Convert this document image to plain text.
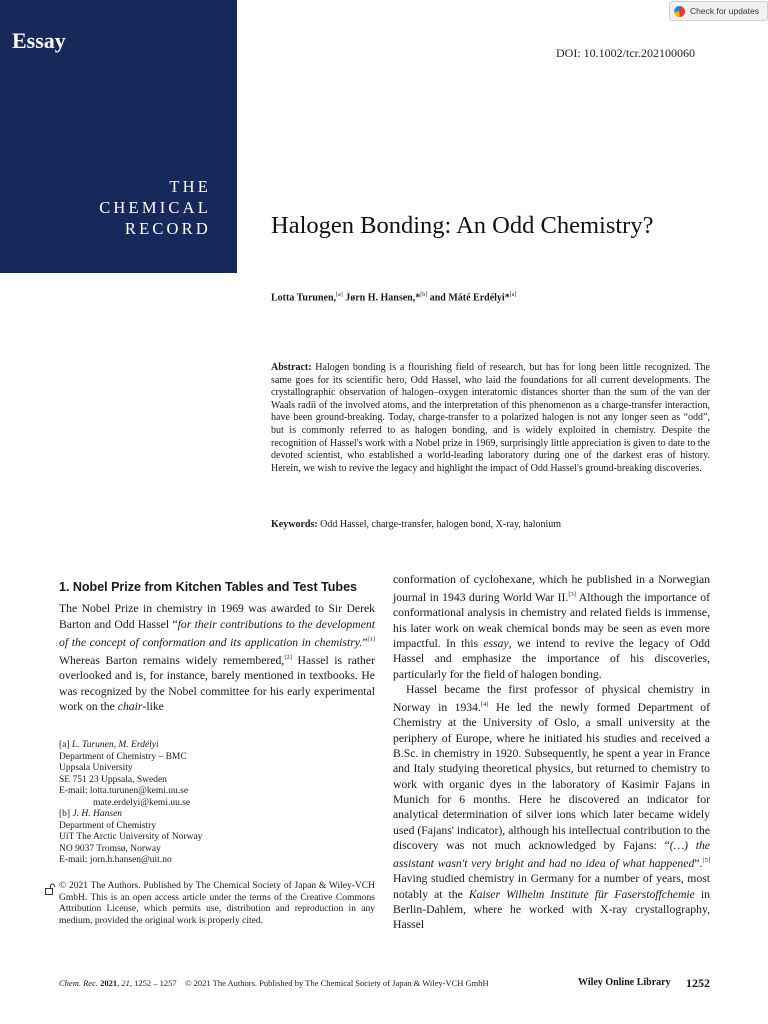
Essay
THE
CHEMICAL
RECORD
Check for updates
DOI: 10.1002/tcr.202100060
Halogen Bonding: An Odd Chemistry?
Lotta Turunen,[a] Jørn H. Hansen,*[b] and Máté Erdélyi*[a]
Abstract: Halogen bonding is a flourishing field of research, but has for long been little recognized. The same goes for its scientific hero, Odd Hassel, who laid the foundations for all current developments. The crystallographic observation of halogen–oxygen interatomic distances shorter than the sum of the van der Waals radii of the involved atoms, and the interpretation of this phenomenon as a charge-transfer interaction, have been ground-breaking. Today, charge-transfer to a polarized halogen is not any longer seen as “odd”, but is commonly referred to as halogen bonding, and is widely exploited in chemistry. Despite the recognition of Hassel's work with a Nobel prize in 1969, surprisingly little appreciation is given to date to the devoted scientist, who established a world-leading laboratory during one of the darkest eras of history. Herein, we wish to revive the legacy and highlight the impact of Odd Hassel's ground-breaking discoveries.
Keywords: Odd Hassel, charge-transfer, halogen bond, X-ray, halonium
1. Nobel Prize from Kitchen Tables and Test Tubes

The Nobel Prize in chemistry in 1969 was awarded to Sir Derek Barton and Odd Hassel “for their contributions to the development of the concept of conformation and its application in chemistry.”[1] Whereas Barton remains widely remembered,[2] Hassel is rather overlooked and is, for instance, barely mentioned in textbooks. He was recognized by the Nobel committee for his early experimental work on the chair-like

[a] L. Turunen, M. Erdélyi
Department of Chemistry – BMC
Uppsala University
SE 751 23 Uppsala, Sweden
E-mail: lotta.turunen@kemi.uu.se
mate.erdelyi@kemi.uu.se
[b] J. H. Hansen
Department of Chemistry
UiT The Arctic University of Norway
NO 9037 Tromsø, Norway
E-mail: jorn.h.hansen@uit.no
© 2021 The Authors. Published by The Chemical Society of Japan & Wiley-VCH GmbH. This is an open access article under the terms of the Creative Commons Attribution License, which permits use, distribution and reproduction in any medium, provided the original work is properly cited.

conformation of cyclohexane, which he published in a Norwegian journal in 1943 during World War II.[3] Although the importance of conformational analysis in chemistry and related fields is immense, his later work on weak chemical bonds may be seen as even more impactful. In this essay, we intend to revive the legacy of Odd Hassel and emphasize the importance of his discoveries, particularly for the field of halogen bonding.

Hassel became the first professor of physical chemistry in Norway in 1934.[4] He led the newly formed Department of Chemistry at the University of Oslo, a small university at the periphery of Europe, where he initiated his studies and received a B.Sc. in chemistry in 1920. Subsequently, he spent a year in France and Italy studying theoretical physics, but returned to chemistry to work with organic dyes in the laboratory of Kasimir Fajans in Munich for 6 months. Here he discovered an indicator for analytical determination of silver ions which later became widely used (Fajans' indicator), although his intellectual contribution to the discovery was not much acknowledged by Fajans: “(…) the assistant wasn't very bright and had no idea of what happened”.[5] Having studied chemistry in Germany for a number of years, most notably at the Kaiser Wilhelm Institute für Faserstoffchemie in Berlin-Dahlem, where he worked with X-ray crystallography, Hassel

Chem. Rec. 2021, 21, 1252 – 1257 © 2021 The Authors. Published by The Chemical Society of Japan & Wiley-VCH GmbH	Wiley Online Library 1252
